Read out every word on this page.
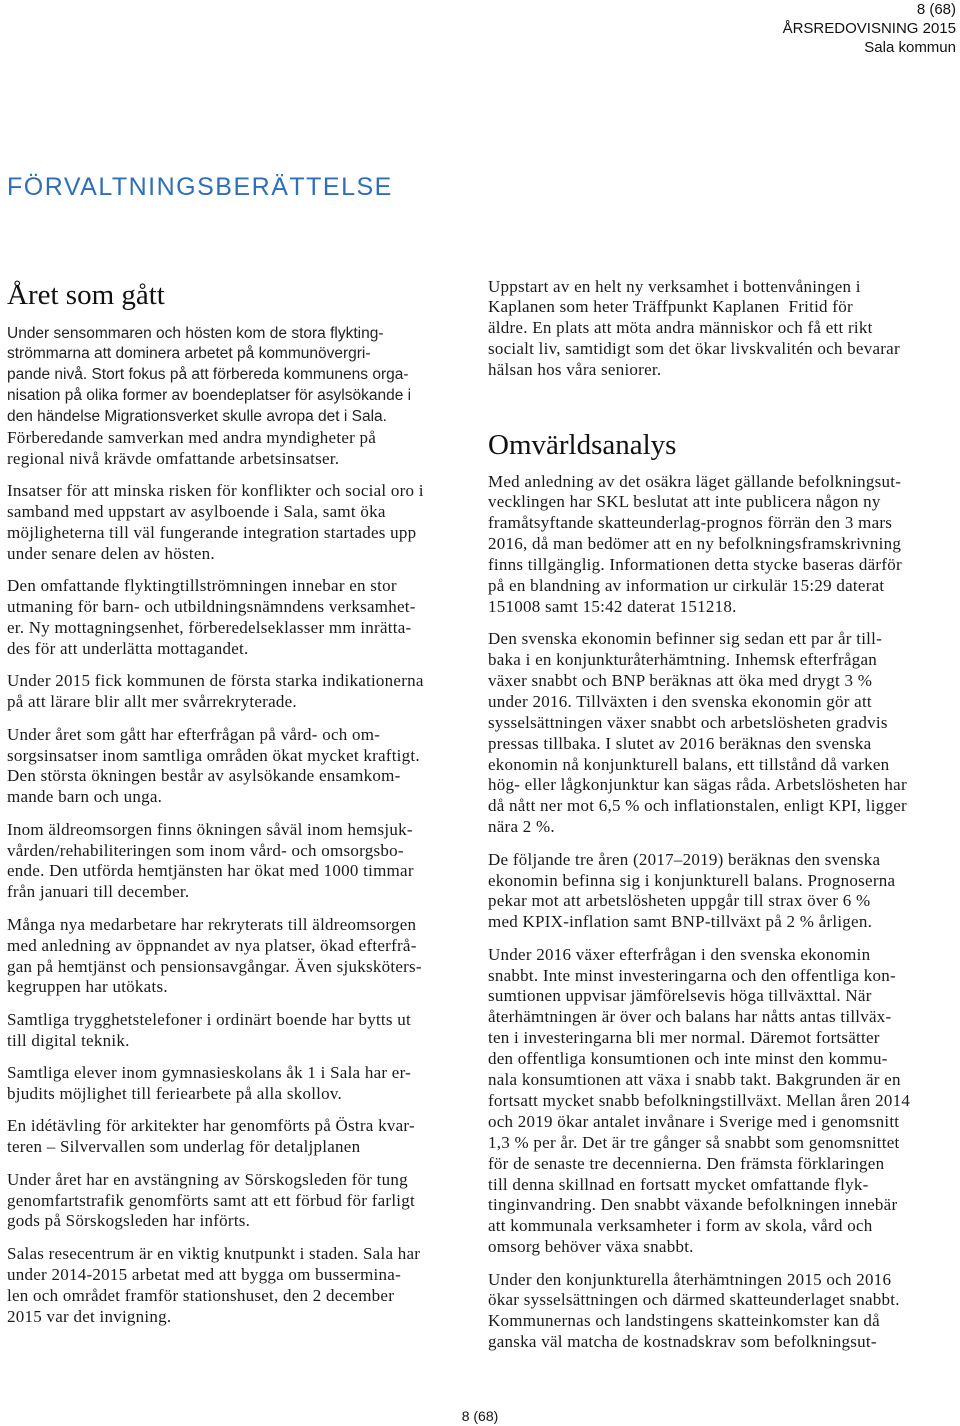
8 (68)
ÅRSREDOVISNING 2015
Sala kommun
FÖRVALTNINGSBERÄTTELSE
Året som gått

Under sensommaren och hösten kom de stora flykting-
strömmarna att dominera arbetet på kommunövergri-
pande nivå. Stort fokus på att förbereda kommunens orga-
nisation på olika former av boendeplatser för asylsökande i
den händelse Migrationsverket skulle avropa det i Sala.
Förberedande samverkan med andra myndigheter på
regional nivå krävde omfattande arbetsinsatser.

Insatser för att minska risken för konflikter och social oro i
samband med uppstart av asylboende i Sala, samt öka
möjligheterna till väl fungerande integration startades upp
under senare delen av hösten.

Den omfattande flyktingtillströmningen innebar en stor
utmaning för barn- och utbildningsnämndens verksamhet-
er. Ny mottagningsenhet, förberedelseklasser mm inrätta-
des för att underlätta mottagandet.

Under 2015 fick kommunen de första starka indikationerna
på att lärare blir allt mer svårrekryterade.

Under året som gått har efterfrågan på vård- och om-
sorgsinsatser inom samtliga områden ökat mycket kraftigt.
Den största ökningen består av asylsökande ensamkom-
mande barn och unga.

Inom äldreomsorgen finns ökningen såväl inom hemsjuk-
vården/rehabiliteringen som inom vård- och omsorgsbo-
ende. Den utförda hemtjänsten har ökat med 1000 timmar
från januari till december.

Många nya medarbetare har rekryterats till äldreomsorgen
med anledning av öppnandet av nya platser, ökad efterfrå-
gan på hemtjänst och pensionsavgångar. Även sjuksköters-
kegruppen har utökats.

Samtliga trygghetstelefoner i ordinärt boende har bytts ut
till digital teknik.

Samtliga elever inom gymnasieskolans åk 1 i Sala har er-
bjudits möjlighet till feriearbete på alla skollov.

En idétävling för arkitekter har genomförts på Östra kvar-
teren – Silvervallen som underlag för detaljplanen

Under året har en avstängning av Sörskogsleden för tung
genomfartstrafik genomförts samt att ett förbud för farligt
gods på Sörskogsleden har införts.

Salas resecentrum är en viktig knutpunkt i staden. Sala har
under 2014-2015 arbetat med att bygga om bussermina-
len och området framför stationshuset, den 2 december
2015 var det invigning.

Uppstart av en helt ny verksamhet i bottenvåningen i
Kaplanen som heter Träffpunkt Kaplanen  Fritid för
äldre. En plats att möta andra människor och få ett rikt
socialt liv, samtidigt som det ökar livskvalitén och bevarar
hälsan hos våra seniorer.

Omvärldsanalys

Med anledning av det osäkra läget gällande befolkningsut-
vecklingen har SKL beslutat att inte publicera någon ny
framåtsyftande skatteunderlag-prognos förrän den 3 mars
2016, då man bedömer att en ny befolkningsframskrivning
finns tillgänglig. Informationen detta stycke baseras därför
på en blandning av information ur cirkulär 15:29 daterat
151008 samt 15:42 daterat 151218.

Den svenska ekonomin befinner sig sedan ett par år till-
baka i en konjunkturåterhämtning. Inhemsk efterfrågan
växer snabbt och BNP beräknas att öka med drygt 3 %
under 2016. Tillväxten i den svenska ekonomin gör att
sysselsättningen växer snabbt och arbetslösheten gradvis
pressas tillbaka. I slutet av 2016 beräknas den svenska
ekonomin nå konjunkturell balans, ett tillstånd då varken
hög- eller lågkonjunktur kan sägas råda. Arbetslösheten har
då nått ner mot 6,5 % och inflationstalen, enligt KPI, ligger
nära 2 %.

De följande tre åren (2017–2019) beräknas den svenska
ekonomin befinna sig i konjunkturell balans. Prognoserna
pekar mot att arbetslösheten uppgår till strax över 6 %
med KPIX-inflation samt BNP-tillväxt på 2 % årligen.

Under 2016 växer efterfrågan i den svenska ekonomin
snabbt. Inte minst investeringarna och den offentliga kon-
sumtionen uppvisar jämförelsevis höga tillväxttal. När
återhämtningen är över och balans har nåtts antas tillväx-
ten i investeringarna bli mer normal. Däremot fortsätter
den offentliga konsumtionen och inte minst den kommu-
nala konsumtionen att växa i snabb takt. Bakgrunden är en
fortsatt mycket snabb befolkningstillväxt. Mellan åren 2014
och 2019 ökar antalet invånare i Sverige med i genomsnitt
1,3 % per år. Det är tre gånger så snabbt som genomsnittet
för de senaste tre decennierna. Den främsta förklaringen
till denna skillnad en fortsatt mycket omfattande flyk-
tinginvandring. Den snabbt växande befolkningen innebär
att kommunala verksamheter i form av skola, vård och
omsorg behöver växa snabbt.

Under den konjunkturella återhämtningen 2015 och 2016
ökar sysselsättningen och därmed skatteunderlaget snabbt.
Kommunernas och landstingens skatteinkomster kan då
ganska väl matcha de kostnadskrav som befolkningsut-

8 (68)
